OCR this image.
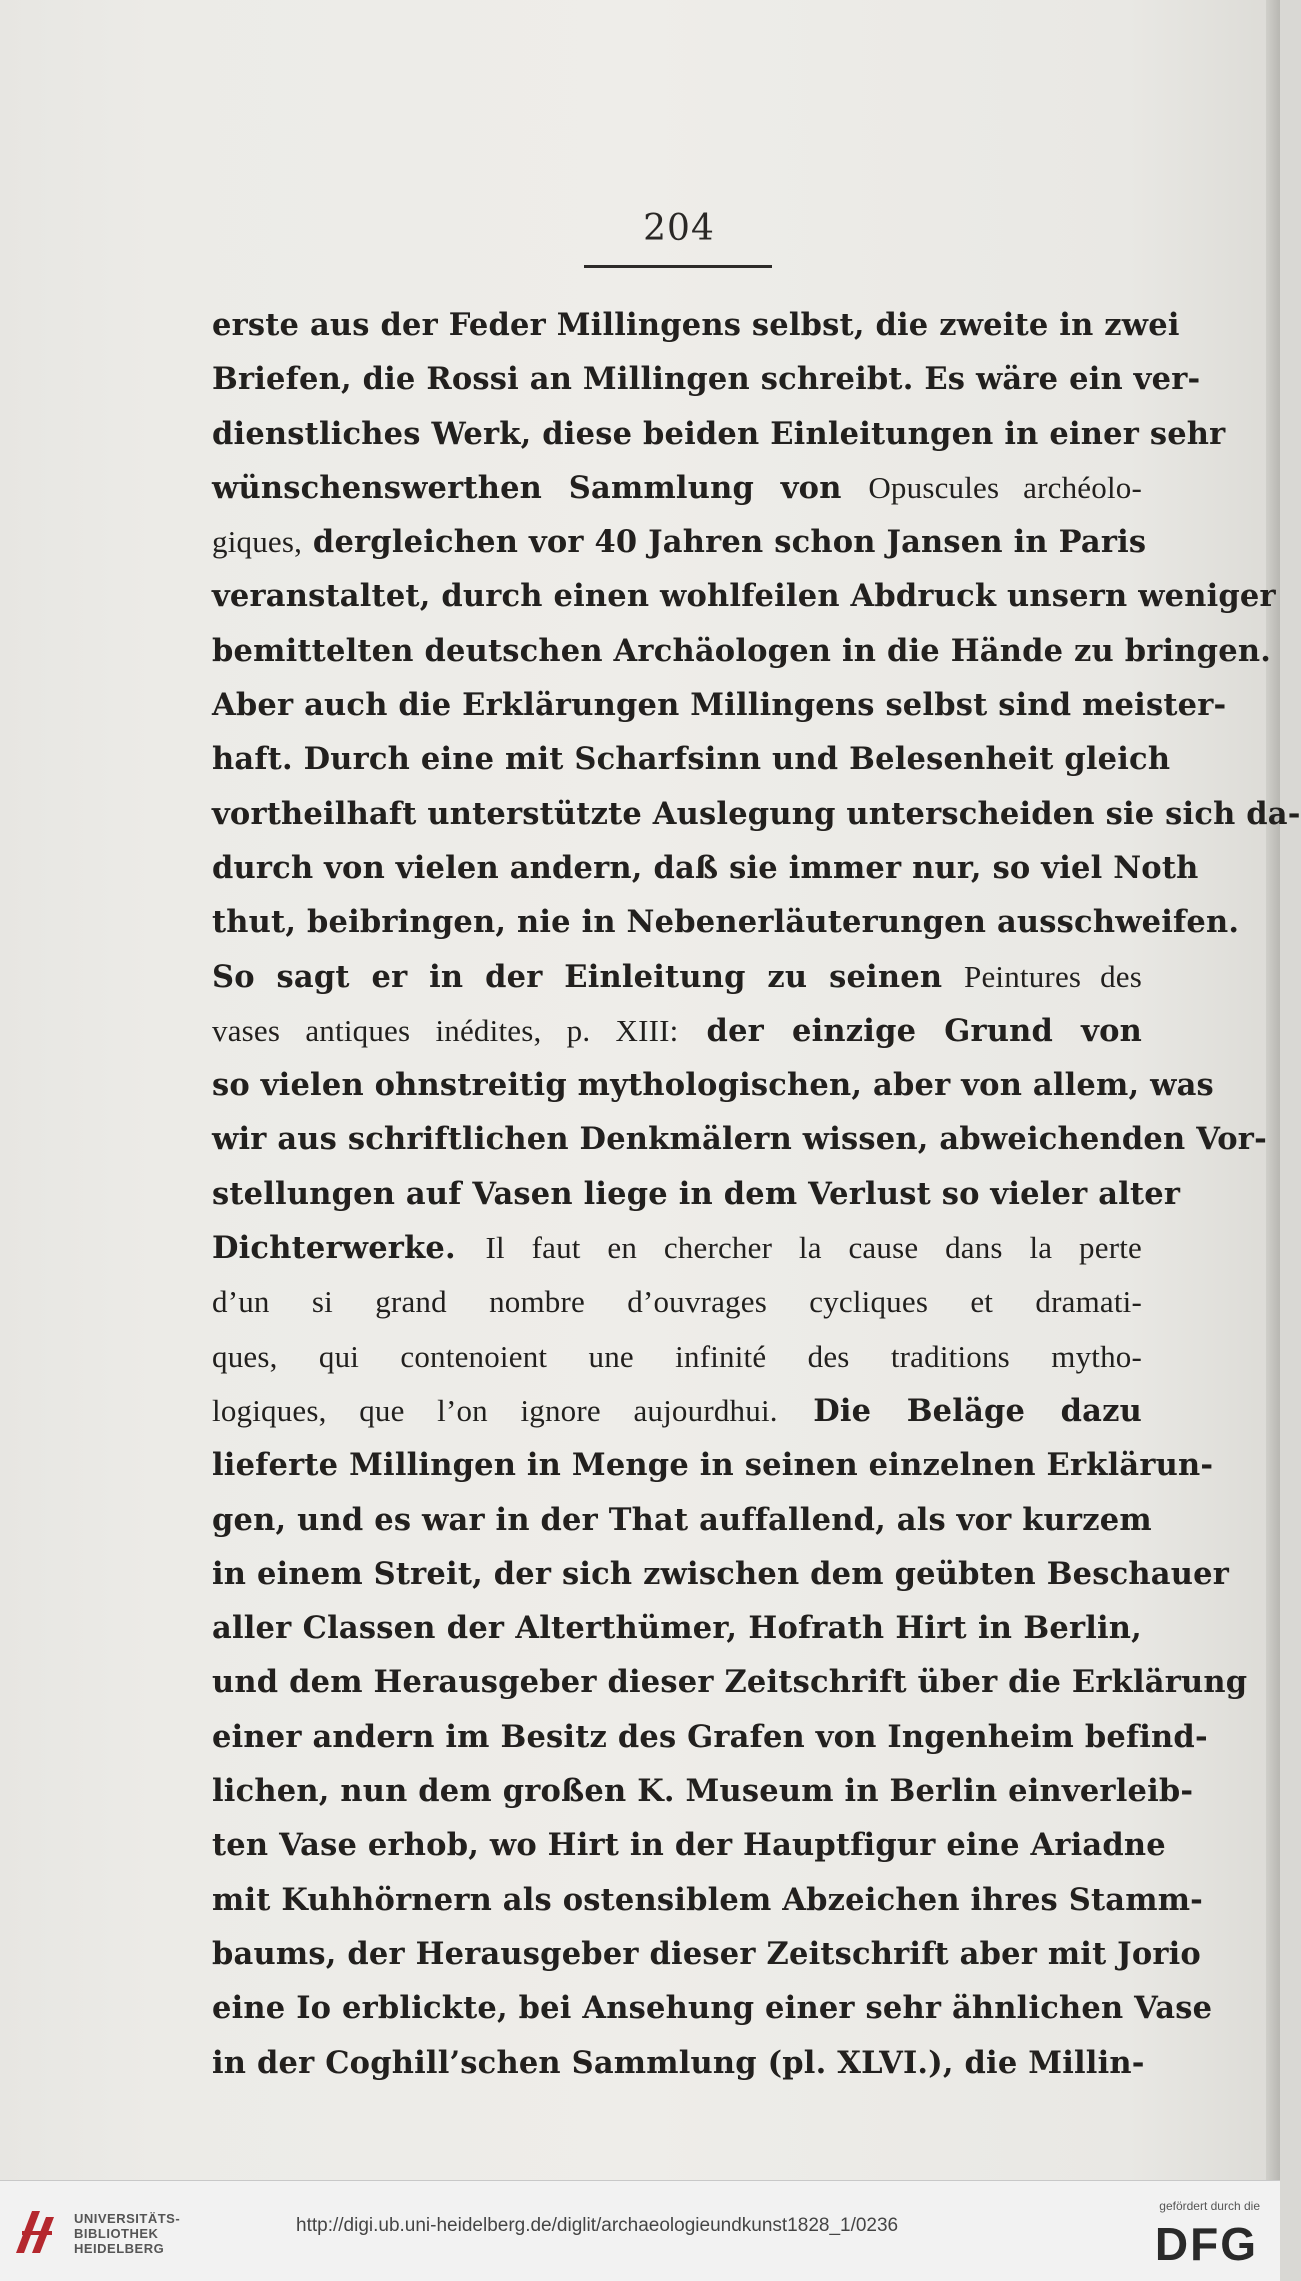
204
erste aus der Feder Millingens selbst, die zweite in zwei
Briefen, die Rossi an Millingen schreibt. Es wäre ein ver-
dienstliches Werk, diese beiden Einleitungen in einer sehr
wünschenswerthen Sammlung von Opuscules archéolo-
giques, dergleichen vor 40 Jahren schon Jansen in Paris
veranstaltet, durch einen wohlfeilen Abdruck unsern weniger
bemittelten deutschen Archäologen in die Hände zu bringen.
Aber auch die Erklärungen Millingens selbst sind meister-
haft. Durch eine mit Scharfsinn und Belesenheit gleich
vortheilhaft unterstützte Auslegung unterscheiden sie sich da-
durch von vielen andern, daß sie immer nur, so viel Noth
thut, beibringen, nie in Nebenerläuterungen ausschweifen.
So sagt er in der Einleitung zu seinen Peintures des
vases antiques inédites, p. XIII: der einzige Grund von
so vielen ohnstreitig mythologischen, aber von allem, was
wir aus schriftlichen Denkmälern wissen, abweichenden Vor-
stellungen auf Vasen liege in dem Verlust so vieler alter
Dichterwerke. Il faut en chercher la cause dans la perte
d’un si grand nombre d’ouvrages cycliques et dramati-
ques, qui contenoient une infinité des traditions mytho-
logiques, que l’on ignore aujourdhui. Die Beläge dazu
lieferte Millingen in Menge in seinen einzelnen Erklärun-
gen, und es war in der That auffallend, als vor kurzem
in einem Streit, der sich zwischen dem geübten Beschauer
aller Classen der Alterthümer, Hofrath Hirt in Berlin,
und dem Herausgeber dieser Zeitschrift über die Erklärung
einer andern im Besitz des Grafen von Ingenheim befind-
lichen, nun dem großen K. Museum in Berlin einverleib-
ten Vase erhob, wo Hirt in der Hauptfigur eine Ariadne
mit Kuhhörnern als ostensiblem Abzeichen ihres Stamm-
baums, der Herausgeber dieser Zeitschrift aber mit Jorio
eine Io erblickte, bei Ansehung einer sehr ähnlichen Vase
in der Coghill’schen Sammlung (pl. XLVI.), die Millin-
UNIVERSITÄTS-
BIBLIOTHEK
HEIDELBERG
http://digi.ub.uni-heidelberg.de/diglit/archaeologieundkunst1828_1/0236
gefördert durch die
DFG
